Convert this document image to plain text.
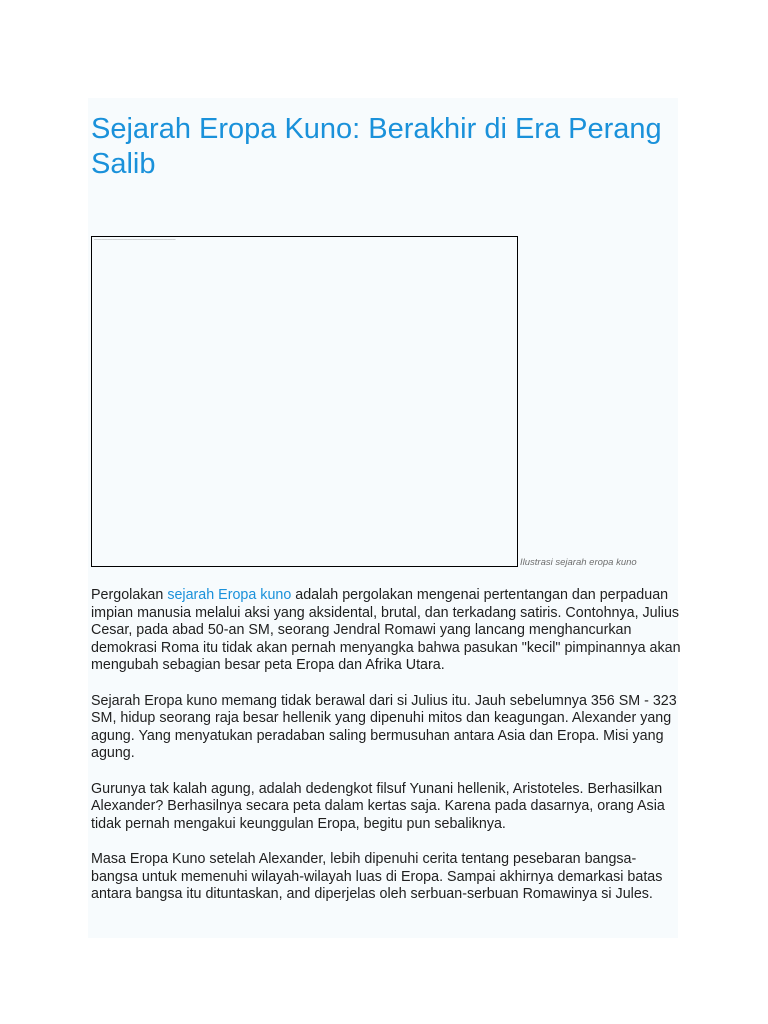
Sejarah Eropa Kuno: Berakhir di Era Perang Salib
▁▁▁▁▁▁▁▁▁▁▁▁▁▁▁▁▁▁▁▁▁▁▁▁▁▁▁▁▁▁▁▁▁▁▁▁▁▁▁▁▁▁▁▁▁▁▁▁▁▁▁▁▁
Ilustrasi sejarah eropa kuno

Pergolakan sejarah Eropa kuno adalah pergolakan mengenai pertentangan dan perpaduan impian manusia melalui aksi yang aksidental, brutal, dan terkadang satiris. Contohnya, Julius Cesar, pada abad 50-an SM, seorang Jendral Romawi yang lancang menghancurkan demokrasi Roma itu tidak akan pernah menyangka bahwa pasukan "kecil" pimpinannya akan mengubah sebagian besar peta Eropa dan Afrika Utara.

Sejarah Eropa kuno memang tidak berawal dari si Julius itu. Jauh sebelumnya 356 SM - 323 SM, hidup seorang raja besar hellenik yang dipenuhi mitos dan keagungan. Alexander yang agung. Yang menyatukan peradaban saling bermusuhan antara Asia dan Eropa. Misi yang agung.

Gurunya tak kalah agung, adalah dedengkot filsuf Yunani hellenik, Aristoteles. Berhasilkan Alexander? Berhasilnya secara peta dalam kertas saja. Karena pada dasarnya, orang Asia tidak pernah mengakui keunggulan Eropa, begitu pun sebaliknya.

Masa Eropa Kuno setelah Alexander, lebih dipenuhi cerita tentang pesebaran bangsa-bangsa untuk memenuhi wilayah-wilayah luas di Eropa. Sampai akhirnya demarkasi batas antara bangsa itu dituntaskan, and diperjelas oleh serbuan-serbuan Romawinya si Jules.
